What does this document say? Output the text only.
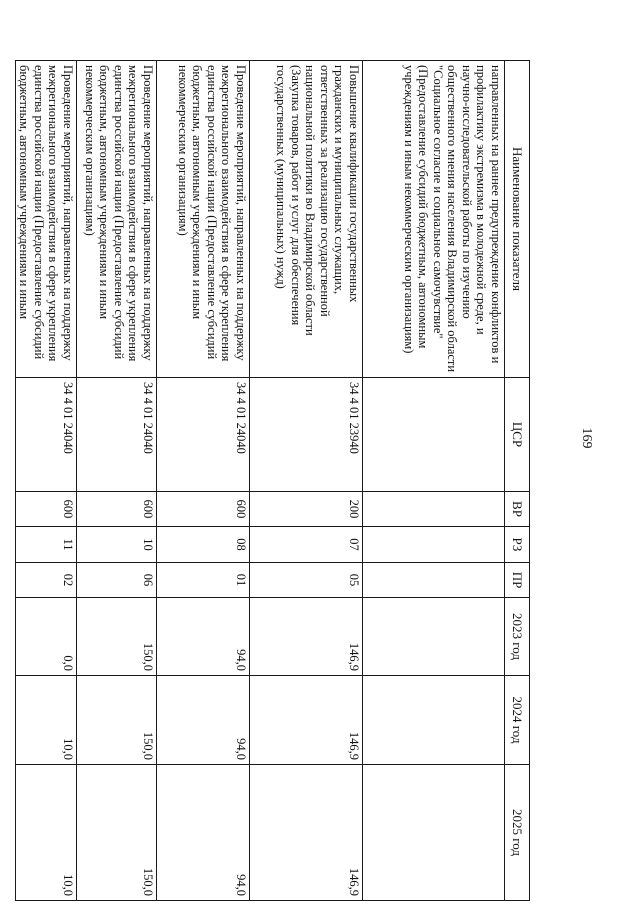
169
Наименование показателя	ЦСР	ВР	РЗ	ПР	2023 год	2024 год	2025 год
направленных на раннее предупреждение конфликтов и профилактику экстремизма в молодежной среде, и научно-исследовательской работы по изучению общественного мнения населения Владимирской области "Социальное согласие и социальное самочувствие" (Предоставление субсидий бюджетным, автономным учреждениям и иным некоммерческим организациям)							
Повышение квалификации государственных гражданских и муниципальных служащих, ответственных за реализацию государственной национальной политики во Владимирской области (Закупка товаров, работ и услуг для обеспечения государственных (муниципальных) нужд)	34 4 01 23940	200	07	05	146,9	146,9	146,9
Проведение мероприятий, направленных на поддержку межрегионального взаимодействия в сфере укрепления единства российской нации (Предоставление субсидий бюджетным, автономным учреждениям и иным некоммерческим организациям)	34 4 01 24040	600	08	01	94,0	94,0	94,0
Проведение мероприятий, направленных на поддержку межрегионального взаимодействия в сфере укрепления единства российской нации (Предоставление субсидий бюджетным, автономным учреждениям и иным некоммерческим организациям)	34 4 01 24040	600	10	06	150,0	150,0	150,0
Проведение мероприятий, направленных на поддержку межрегионального взаимодействия в сфере укрепления единства российской нации (Предоставление субсидий бюджетным, автономным учреждениям и иным	34 4 01 24040	600	11	02	0,0	10,0	10,0
